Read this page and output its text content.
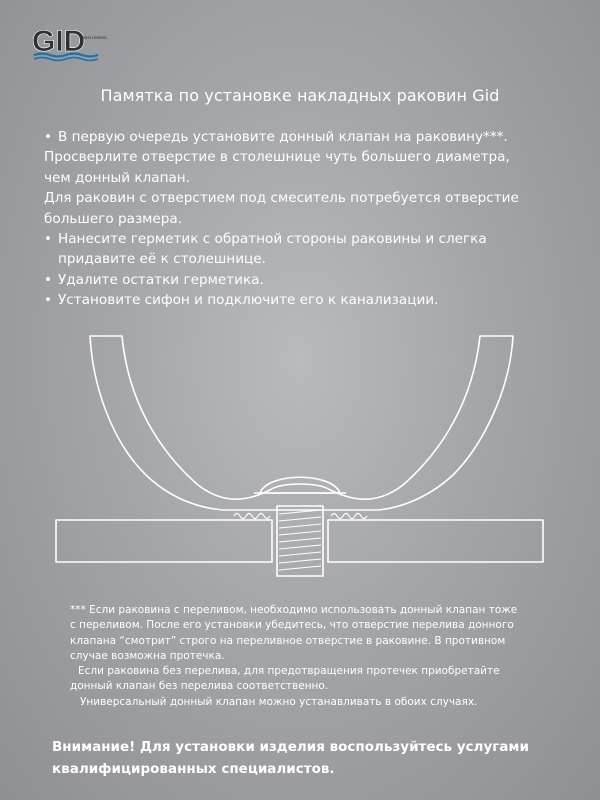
GID
Best ceramic
Памятка по установке накладных раковин Gid
• В первую очередь установите донный клапан на раковину***.
Просверлите отверстие в столешнице чуть большего диаметра,
чем донный клапан.
Для раковин с отверстием под смеситель потребуется отверстие
большего размера.
• Нанесите герметик с обратной стороны раковины и слегка
придавите её к столешнице.
• Удалите остатки герметика.
• Установите сифон и подключите его к канализации.
*** Если раковина с переливом, необходимо использовать донный клапан тоже
с переливом. После его установки убедитесь, что отверстие перелива донного
клапана “смотрит” строго на переливное отверстие в раковине. В противном
случае возможна протечка.
Если раковина без перелива, для предотвращения протечек приобретайте
донный клапан без перелива соответственно.
Универсальный донный клапан можно устанавливать в обоих случаях.
Внимание! Для установки изделия воспользуйтесь услугами
квалифицированных специалистов.
